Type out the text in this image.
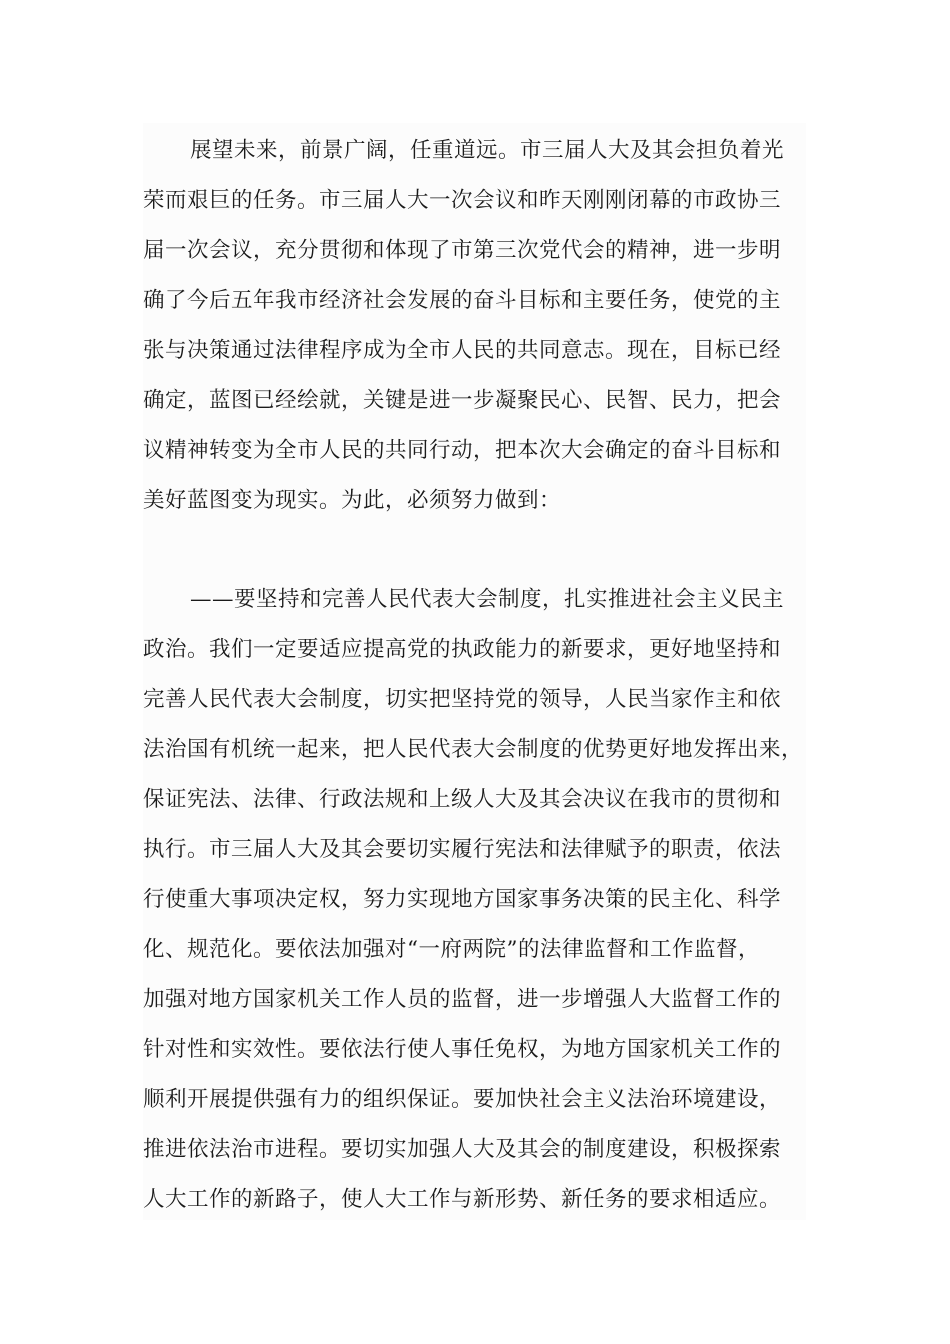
展望未来，前景广阔，任重道远。市三届人大及其会担负着光
荣而艰巨的任务。市三届人大一次会议和昨天刚刚闭幕的市政协三
届一次会议，充分贯彻和体现了市第三次党代会的精神，进一步明
确了今后五年我市经济社会发展的奋斗目标和主要任务，使党的主
张与决策通过法律程序成为全市人民的共同意志。现在，目标已经
确定，蓝图已经绘就，关键是进一步凝聚民心、民智、民力，把会
议精神转变为全市人民的共同行动，把本次大会确定的奋斗目标和
美好蓝图变为现实。为此，必须努力做到：
——要坚持和完善人民代表大会制度，扎实推进社会主义民主
政治。我们一定要适应提高党的执政能力的新要求，更好地坚持和
完善人民代表大会制度，切实把坚持党的领导，人民当家作主和依
法治国有机统一起来，把人民代表大会制度的优势更好地发挥出来，
保证宪法、法律、行政法规和上级人大及其会决议在我市的贯彻和
执行。市三届人大及其会要切实履行宪法和法律赋予的职责，依法
行使重大事项决定权，努力实现地方国家事务决策的民主化、科学
化、规范化。要依法加强对“一府两院”的法律监督和工作监督，
加强对地方国家机关工作人员的监督，进一步增强人大监督工作的
针对性和实效性。要依法行使人事任免权，为地方国家机关工作的
顺利开展提供强有力的组织保证。要加快社会主义法治环境建设，
推进依法治市进程。要切实加强人大及其会的制度建设，积极探索
人大工作的新路子，使人大工作与新形势、新任务的要求相适应。
